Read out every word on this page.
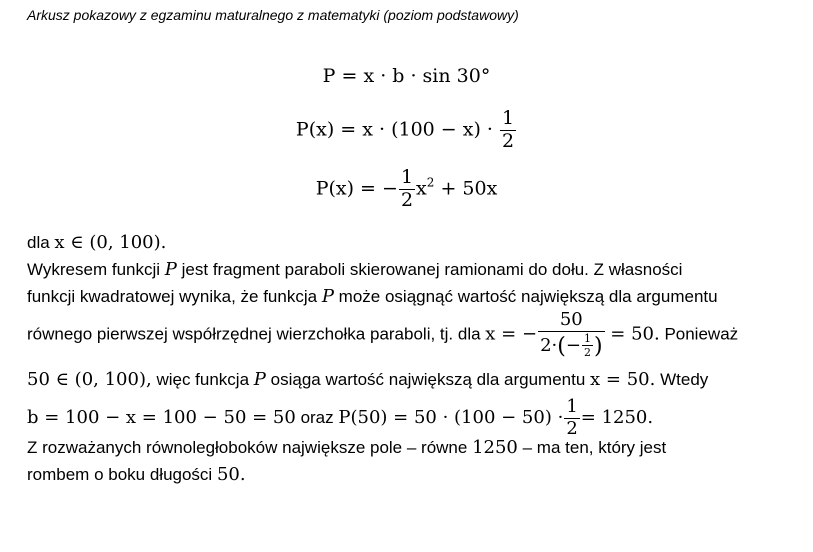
Arkusz pokazowy z egzaminu maturalnego z matematyki (poziom podstawowy)
P = x · b · sin 30°
$P(x) = x \cdot (100 - x) \cdot \frac{1}{2}$
P(x) = − $\frac{1}{2} x^2 + 50x$
dla x ∈ (0, 100).
Wykresem funkcji P jest fragment paraboli skierowanej ramionami do dołu. Z własności
funkcji kwadratowej wynika, że funkcja P może osiągnąć wartość największą dla argumentu
równego pierwszej współrzędnej wierzchołka paraboli, tj. dla x = − $\frac{50}{2\cdot(- \frac{1}{2} )} = 50$. Ponieważ
50 ∈ (0, 100), więc funkcja P osiąga wartość największą dla argumentu x = 50. Wtedy
b = 100 − x = 100 − 50 = 50 oraz $P(50) = 50 \cdot (100 - 50) \cdot \frac{1}{2} = 1250$.
Z rozważanych równoległoboków największe pole – równe 1250 – ma ten, który jest
rombem o boku długości 50.
